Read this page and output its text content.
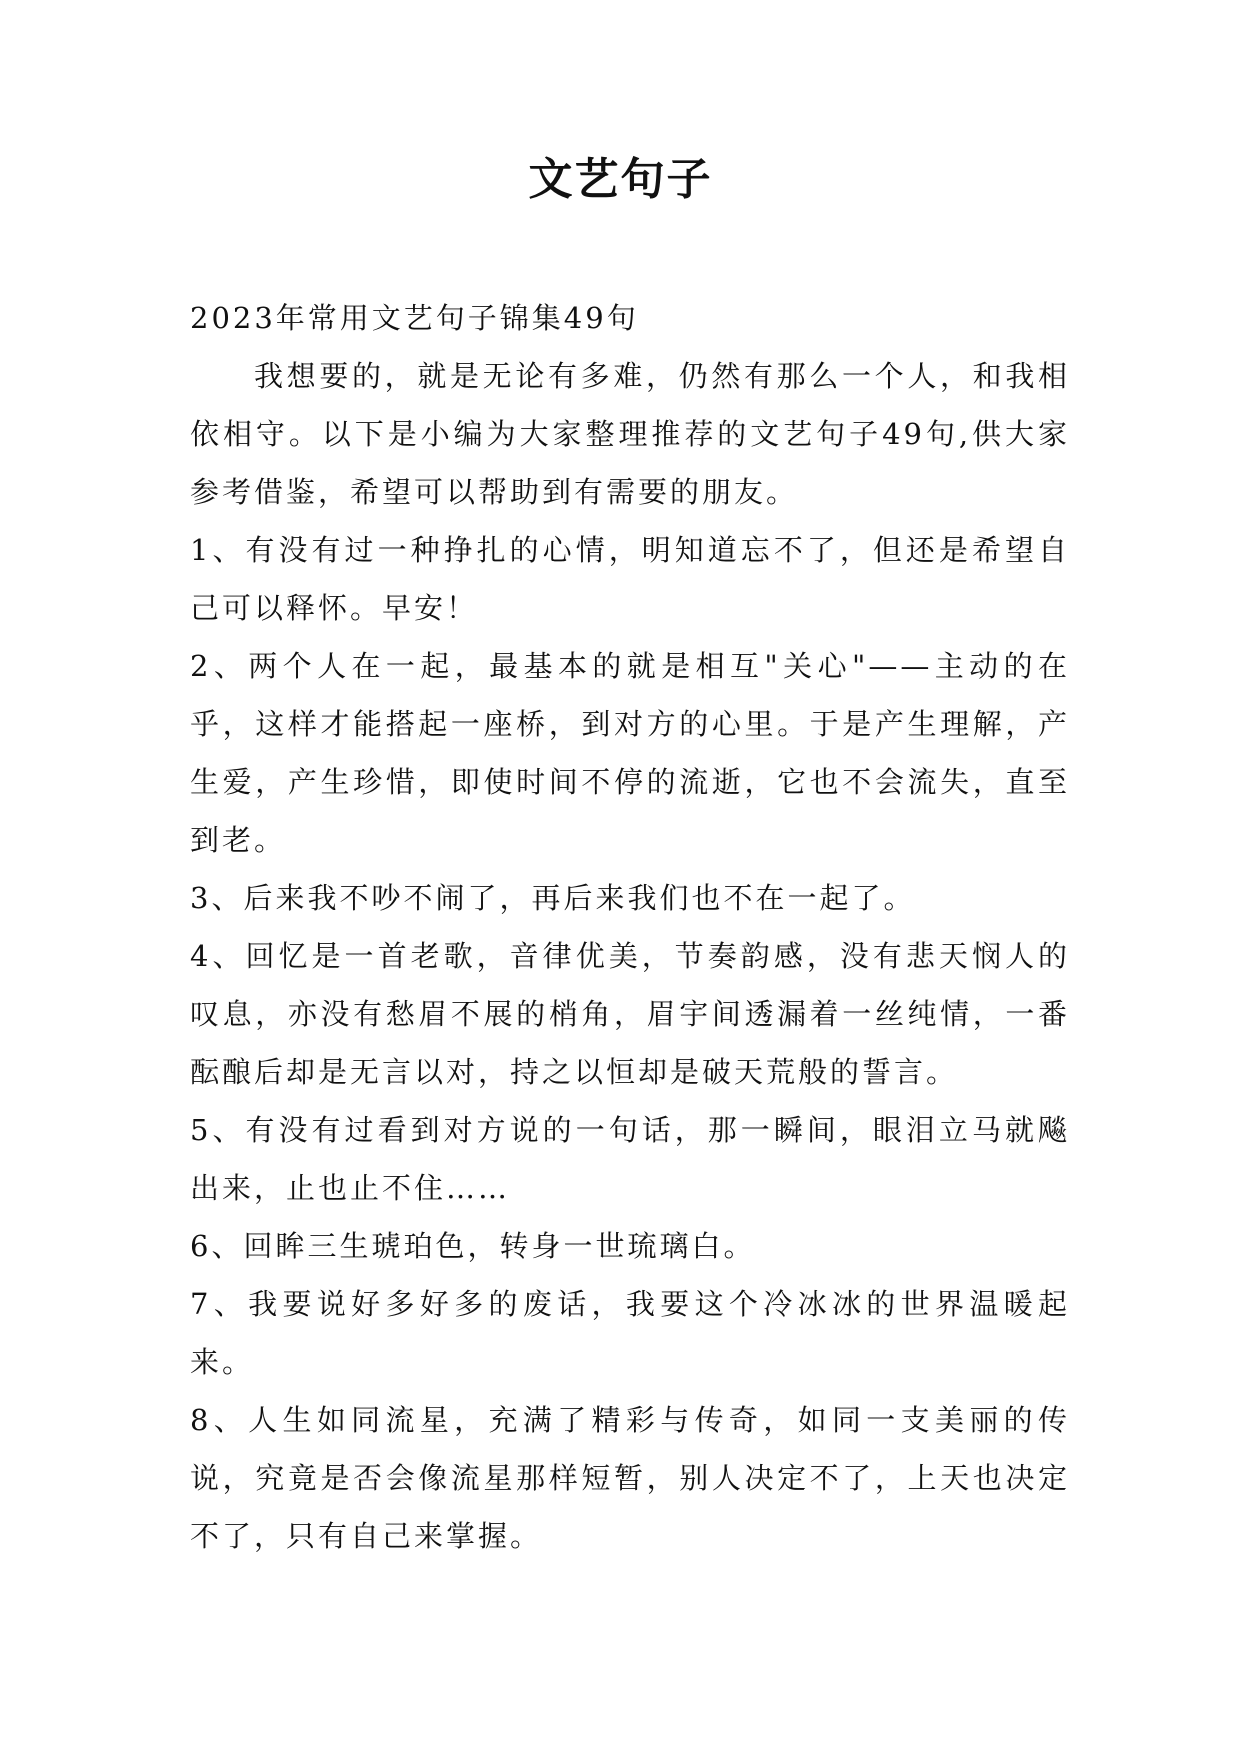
文艺句子

2023年常用文艺句子锦集49句

我想要的，就是无论有多难，仍然有那么一个人，和我相依相守。以下是小编为大家整理推荐的文艺句子49句,供大家参考借鉴，希望可以帮助到有需要的朋友。

1、有没有过一种挣扎的心情，明知道忘不了，但还是希望自己可以释怀。早安！

2、两个人在一起，最基本的就是相互"关心"——主动的在乎，这样才能搭起一座桥，到对方的心里。于是产生理解，产生爱，产生珍惜，即使时间不停的流逝，它也不会流失，直至到老。

3、后来我不吵不闹了，再后来我们也不在一起了。

4、回忆是一首老歌，音律优美，节奏韵感，没有悲天悯人的叹息，亦没有愁眉不展的梢角，眉宇间透漏着一丝纯情，一番酝酿后却是无言以对，持之以恒却是破天荒般的誓言。

5、有没有过看到对方说的一句话，那一瞬间，眼泪立马就飚出来，止也止不住……

6、回眸三生琥珀色，转身一世琉璃白。

7、我要说好多好多的废话，我要这个冷冰冰的世界温暖起来。

8、人生如同流星，充满了精彩与传奇，如同一支美丽的传说，究竟是否会像流星那样短暂，别人决定不了，上天也决定不了，只有自己来掌握。
